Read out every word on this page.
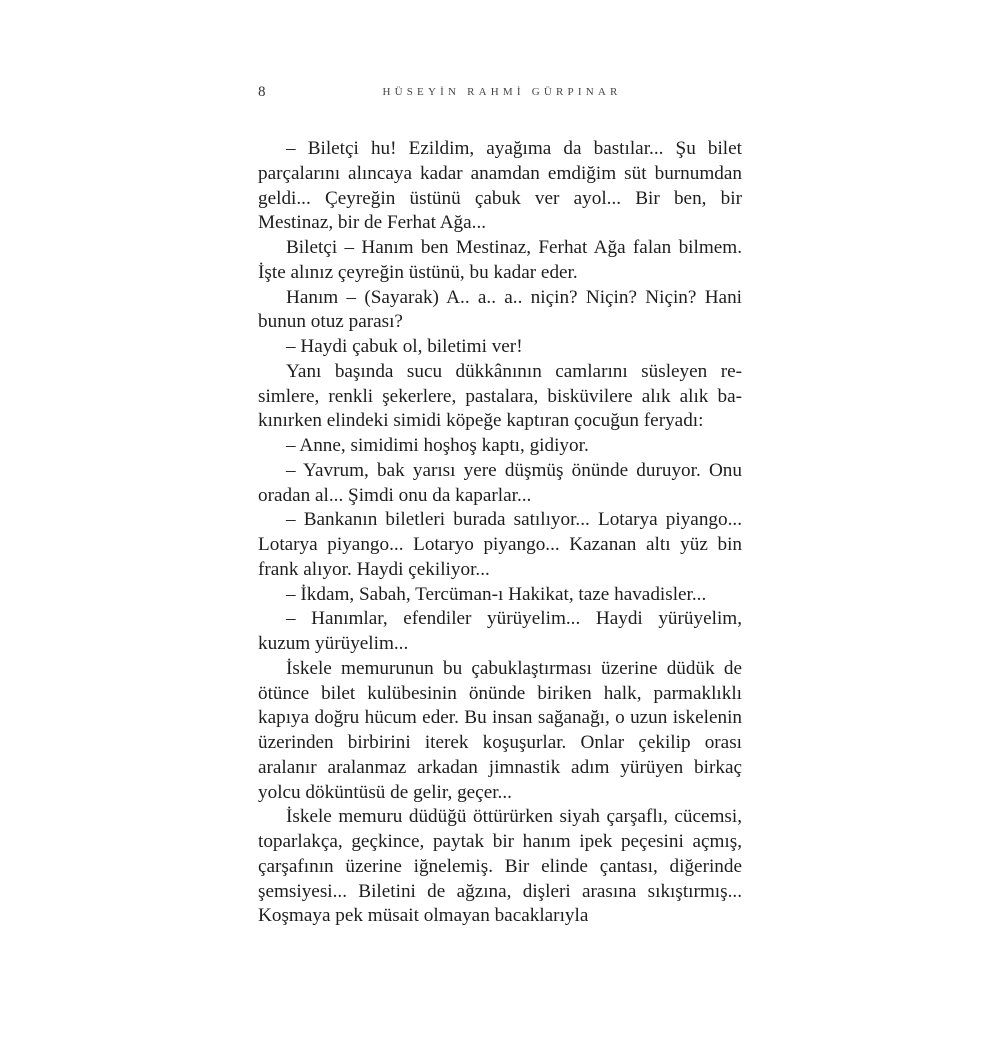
8	HÜSEYİN RAHMİ GÜRPINAR

– Biletçi hu! Ezildim, ayağıma da bastılar... Şu bilet parçalarını alıncaya kadar anamdan emdiğim süt burnumdan geldi... Çeyreğin üstünü çabuk ver ayol... Bir ben, bir Mestinaz, bir de Ferhat Ağa...

Biletçi – Hanım ben Mestinaz, Ferhat Ağa falan bilmem. İşte alınız çeyreğin üstünü, bu kadar eder.

Hanım – (Sayarak) A.. a.. a.. niçin? Niçin? Niçin? Hani bunun otuz parası?

– Haydi çabuk ol, biletimi ver!

Yanı başında sucu dükkânının camlarını süsleyen resimlere, renkli şekerlere, pastalara, bisküvilere alık alık bakınırken elindeki simidi köpeğe kaptıran çocuğun feryadı:

– Anne, simidimi hoşhoş kaptı, gidiyor.

– Yavrum, bak yarısı yere düşmüş önünde duruyor. Onu oradan al... Şimdi onu da kaparlar...

– Bankanın biletleri burada satılıyor... Lotarya piyango... Lotarya piyango... Lotaryo piyango... Kazanan altı yüz bin frank alıyor. Haydi çekiliyor...

– İkdam, Sabah, Tercüman-ı Hakikat, taze havadisler...

– Hanımlar, efendiler yürüyelim... Haydi yürüyelim, kuzum yürüyelim...

İskele memurunun bu çabuklaştırması üzerine düdük de ötünce bilet kulübesinin önünde biriken halk, parmaklıklı kapıya doğru hücum eder. Bu insan sağanağı, o uzun iskelenin üzerinden birbirini iterek koşuşurlar. Onlar çekilip orası aralanır aralanmaz arkadan jimnastik adım yürüyen birkaç yolcu döküntüsü de gelir, geçer...

İskele memuru düdüğü öttürürken siyah çarşaflı, cücemsi, toparlakça, geçkince, paytak bir hanım ipek peçesini açmış, çarşafının üzerine iğnelemiş. Bir elinde çantası, diğerinde şemsiyesi... Biletini de ağzına, dişleri arasına sıkıştırmış... Koşmaya pek müsait olmayan bacaklarıyla
